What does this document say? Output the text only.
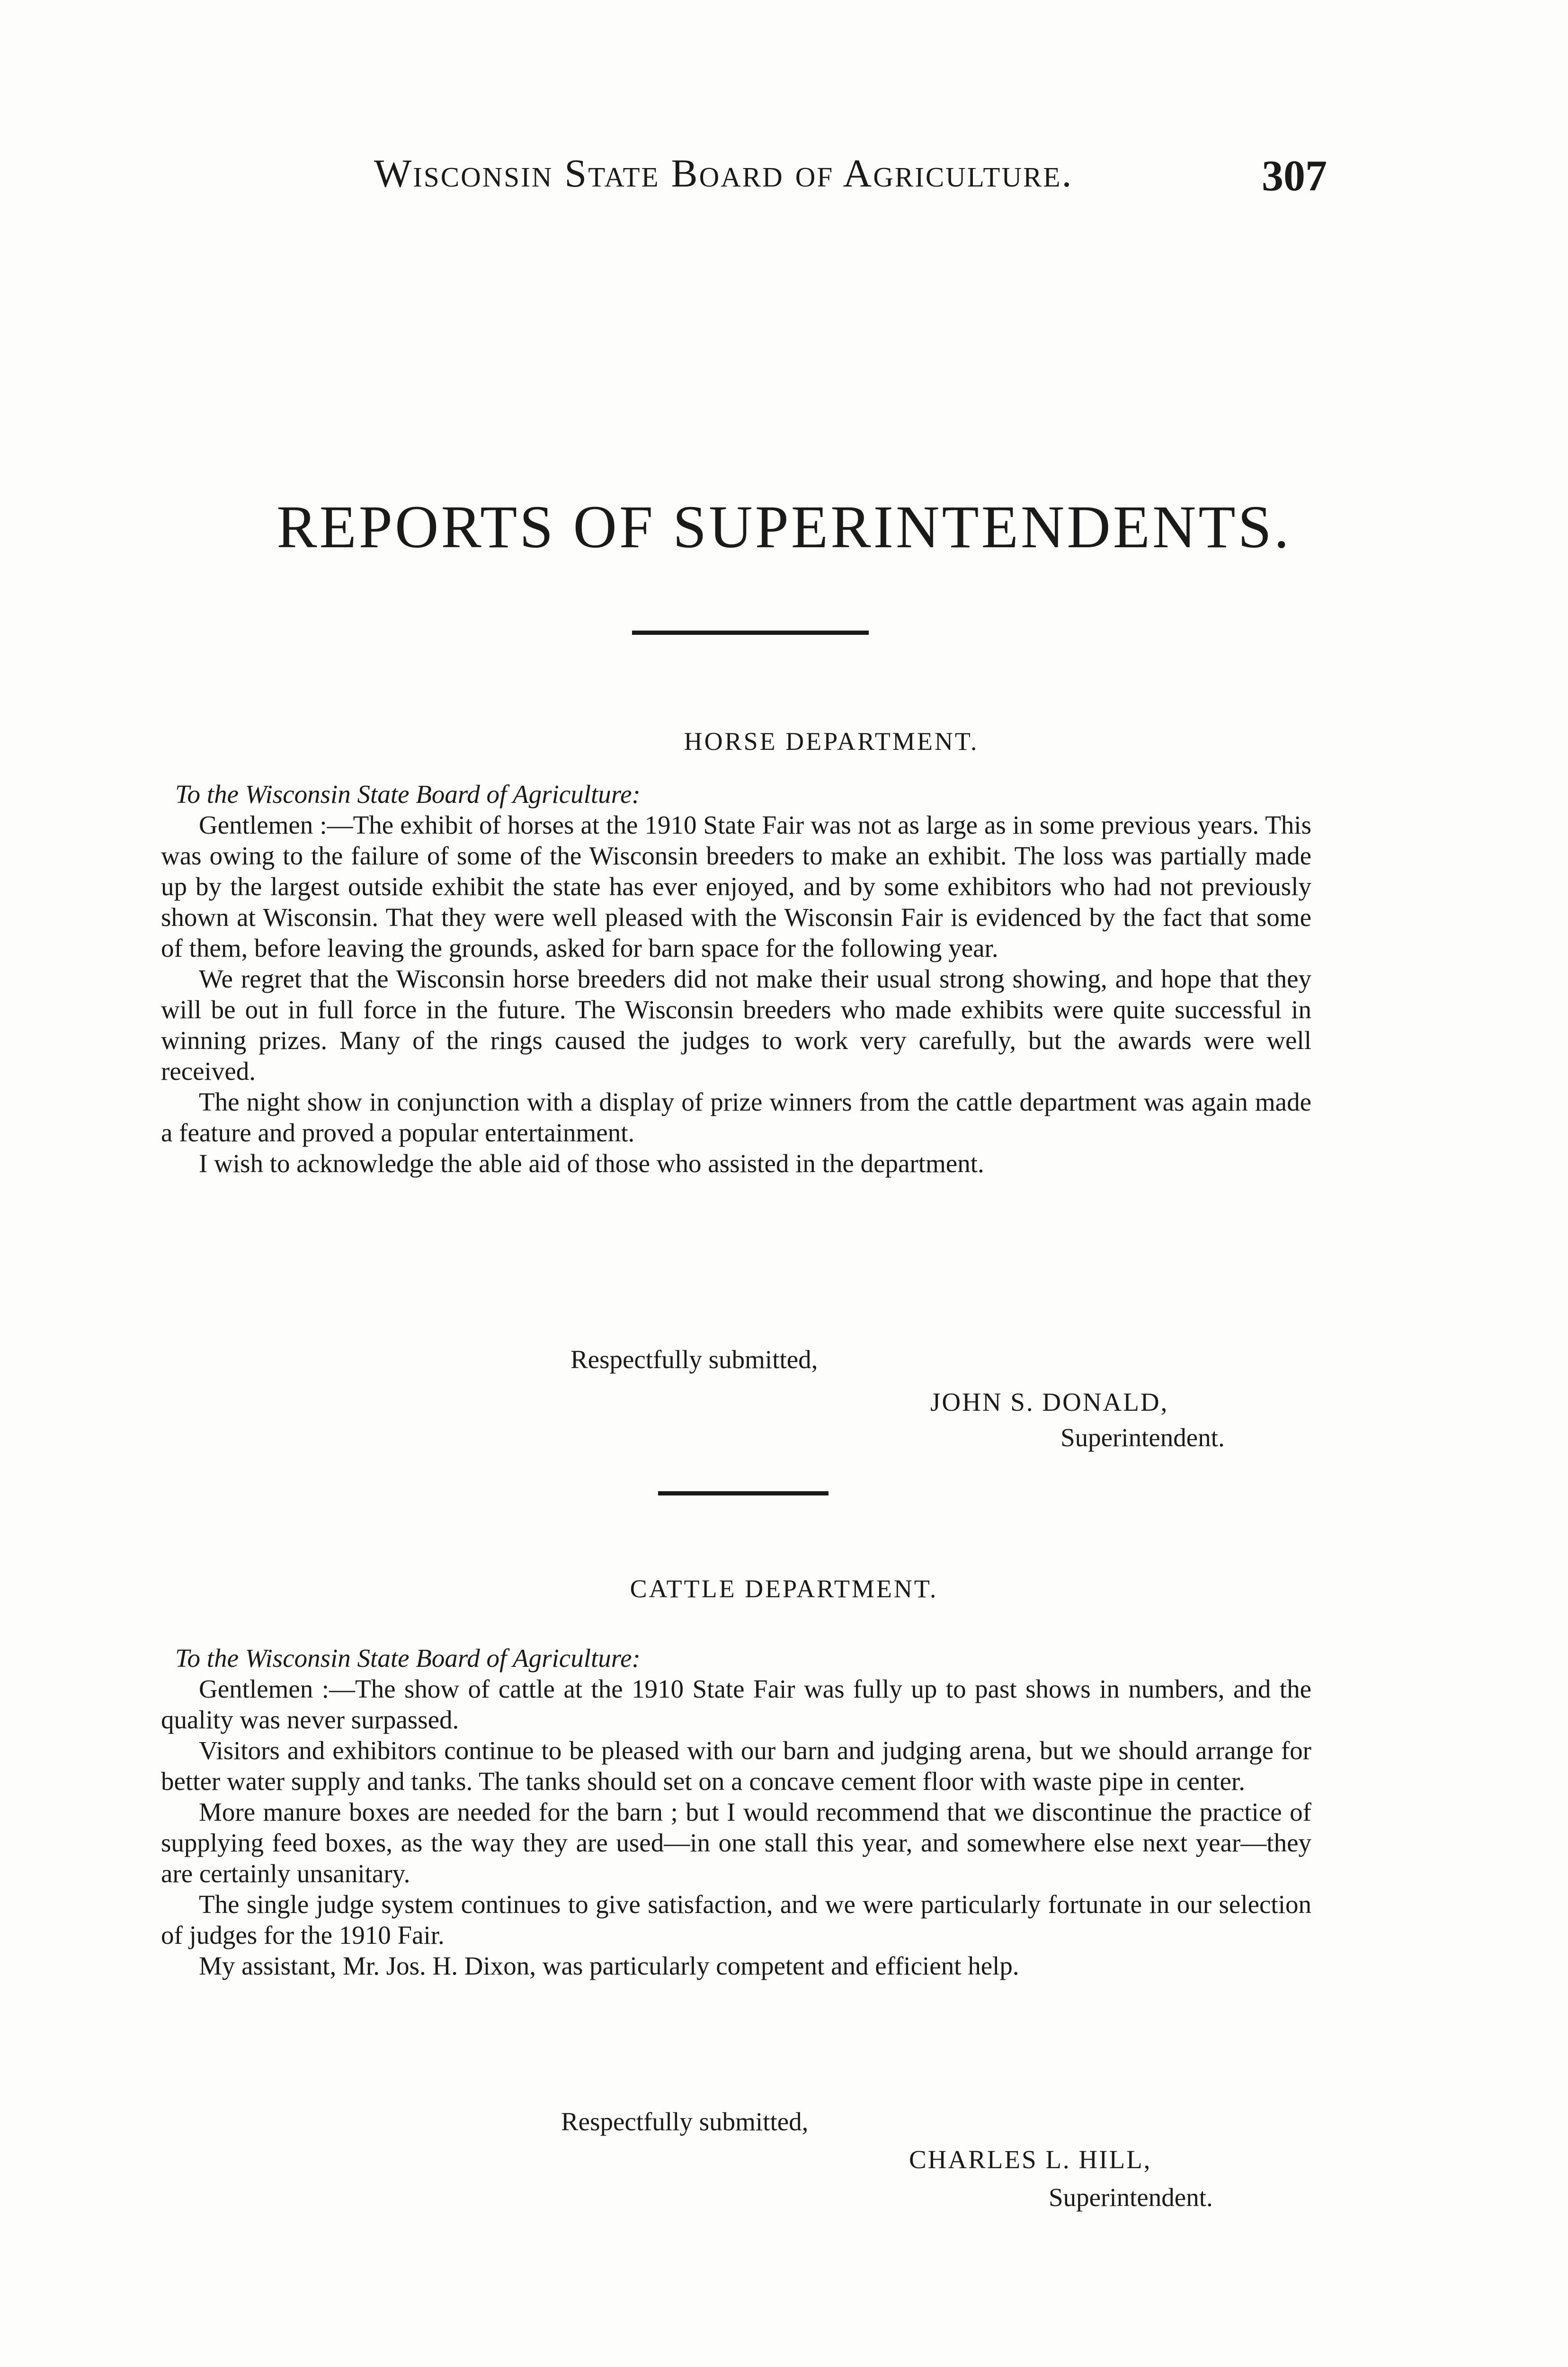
Wisconsin State Board of Agriculture.	307
REPORTS OF SUPERINTENDENTS.
HORSE DEPARTMENT.

To the Wisconsin State Board of Agriculture:

Gentlemen :—The exhibit of horses at the 1910 State Fair was not as large as in some previous years. This was owing to the failure of some of the Wisconsin breeders to make an exhibit. The loss was partially made up by the largest outside exhibit the state has ever enjoyed, and by some exhibitors who had not previously shown at Wisconsin. That they were well pleased with the Wisconsin Fair is evidenced by the fact that some of them, before leaving the grounds, asked for barn space for the following year.

We regret that the Wisconsin horse breeders did not make their usual strong showing, and hope that they will be out in full force in the future. The Wisconsin breeders who made exhibits were quite successful in winning prizes. Many of the rings caused the judges to work very carefully, but the awards were well received.

The night show in conjunction with a display of prize winners from the cattle department was again made a feature and proved a popular entertainment.

I wish to acknowledge the able aid of those who assisted in the department.

Respectfully submitted,
JOHN S. DONALD,
Superintendent.
CATTLE DEPARTMENT.

To the Wisconsin State Board of Agriculture:

Gentlemen :—The show of cattle at the 1910 State Fair was fully up to past shows in numbers, and the quality was never surpassed.

Visitors and exhibitors continue to be pleased with our barn and judging arena, but we should arrange for better water supply and tanks. The tanks should set on a concave cement floor with waste pipe in center.

More manure boxes are needed for the barn ; but I would recommend that we discontinue the practice of supplying feed boxes, as the way they are used—in one stall this year, and somewhere else next year—they are certainly unsanitary.

The single judge system continues to give satisfaction, and we were particularly fortunate in our selection of judges for the 1910 Fair.

My assistant, Mr. Jos. H. Dixon, was particularly competent and efficient help.

Respectfully submitted,
CHARLES L. HILL,
Superintendent.
